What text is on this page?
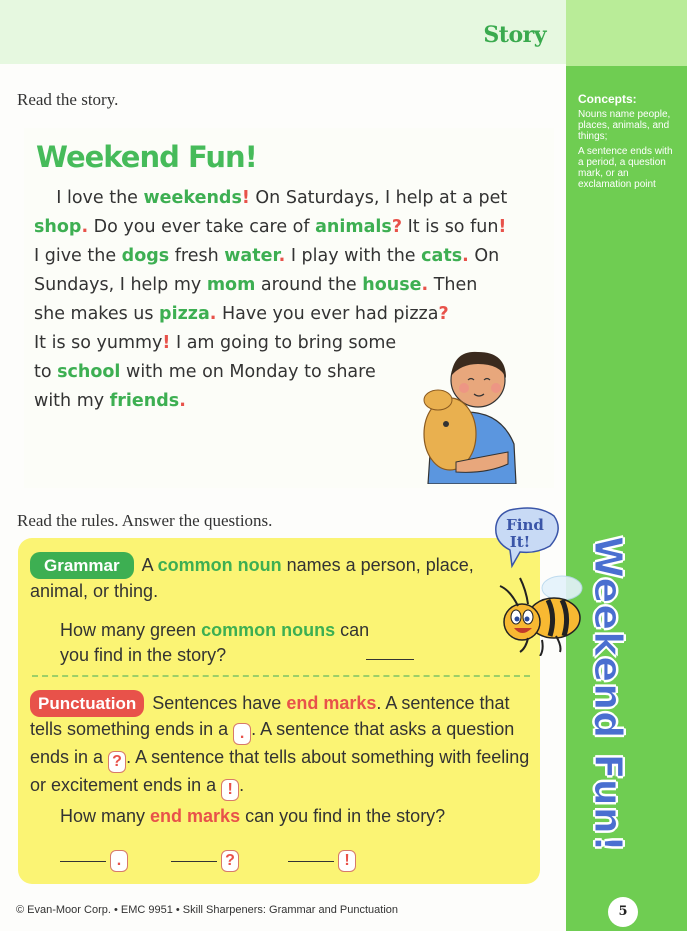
Story
Concepts:

Nouns name people, places, animals, and things;

A sentence ends with a period, a question mark, or an exclamation point

Weekend Fun!
5
Read the story.
Weekend Fun!
I love the weekends! On Saturdays, I help at a pet
shop. Do you ever take care of animals? It is so fun!
I give the dogs fresh water. I play with the cats. On
Sundays, I help my mom around the house. Then
she makes us pizza. Have you ever had pizza?
It is so yummy! I am going to bring some
to school with me on Monday to share
with my friends.
Read the rules. Answer the questions.
Grammar A common noun names a person, place, animal, or thing.
How many green common nouns can you find in the story?
Punctuation Sentences have end marks. A sentence that tells something ends in a . . A sentence that asks a question ends in a ? . A sentence that tells about something with feeling or excitement ends in a ! .
How many end marks can you find in the story?
.	?	!
Find
It!
© Evan-Moor Corp. • EMC 9951 • Skill Sharpeners: Grammar and Punctuation
